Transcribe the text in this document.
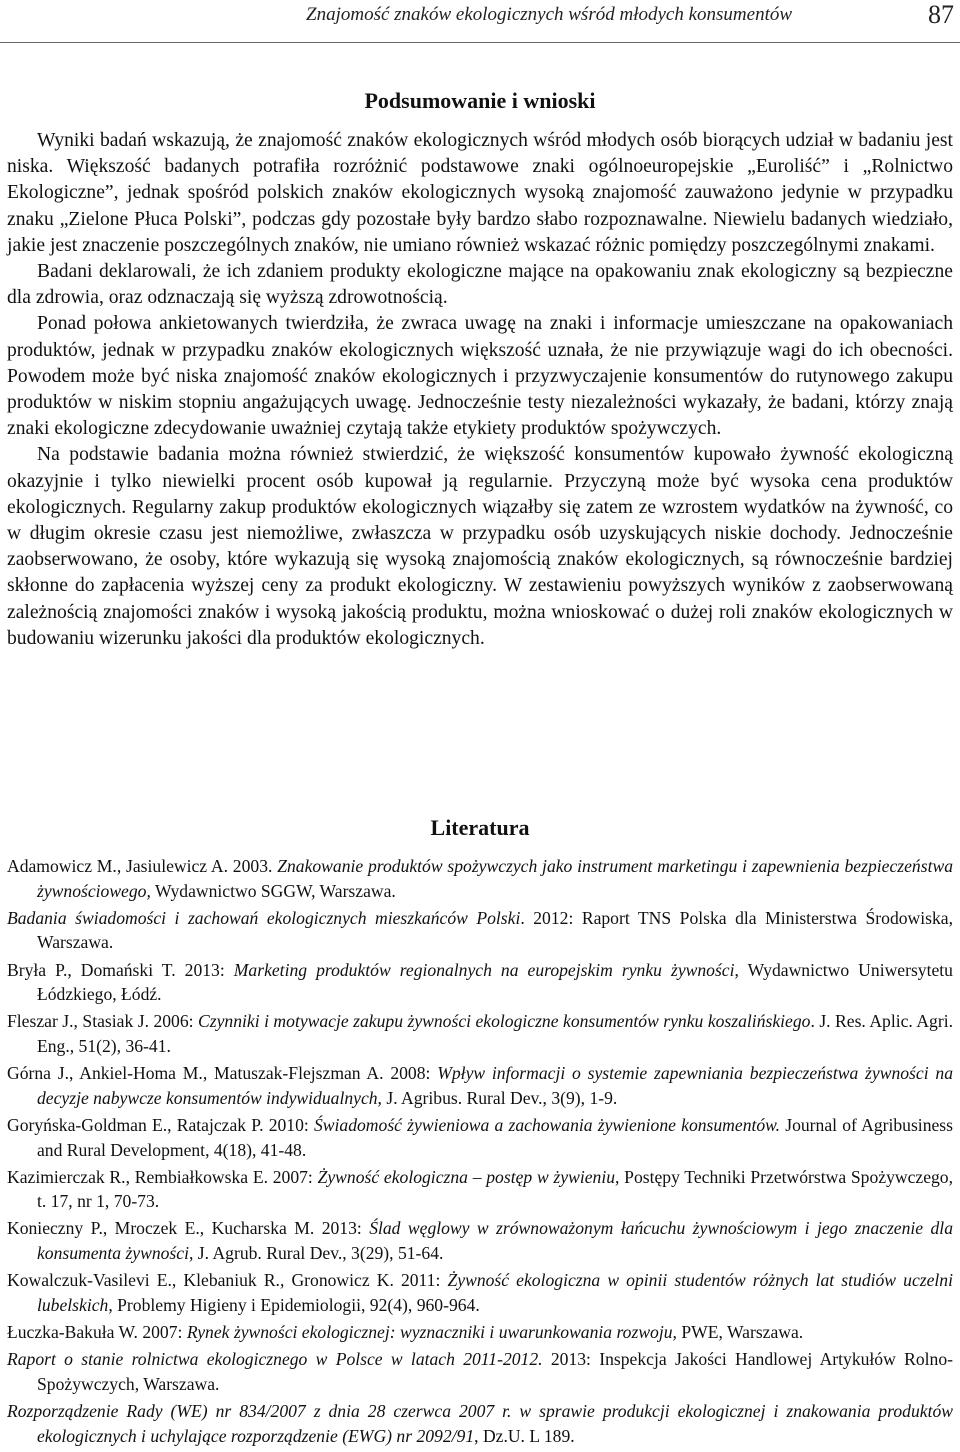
Znajomość znaków ekologicznych wśród młodych konsumentów	87
Podsumowanie i wnioski

Wyniki badań wskazują, że znajomość znaków ekologicznych wśród młodych osób biorących udział w badaniu jest niska. Większość badanych potrafiła rozróżnić podstawowe znaki ogólnoeuropejskie „Euroliść” i „Rolnictwo Ekologiczne”, jednak spośród polskich znaków ekologicznych wysoką znajomość zauważono jedynie w przypadku znaku „Zielone Płuca Polski”, podczas gdy pozostałe były bardzo słabo rozpoznawalne. Niewielu badanych wiedziało, jakie jest znaczenie poszczególnych znaków, nie umiano również wskazać różnic pomiędzy poszczególnymi znakami.

Badani deklarowali, że ich zdaniem produkty ekologiczne mające na opakowaniu znak ekologiczny są bezpieczne dla zdrowia, oraz odznaczają się wyższą zdrowotnością.

Ponad połowa ankietowanych twierdziła, że zwraca uwagę na znaki i informacje umieszczane na opakowaniach produktów, jednak w przypadku znaków ekologicznych większość uznała, że nie przywiązuje wagi do ich obecności. Powodem może być niska znajomość znaków ekologicznych i przyzwyczajenie konsumentów do rutynowego zakupu produktów w niskim stopniu angażujących uwagę. Jednocześnie testy niezależności wykazały, że badani, którzy znają znaki ekologiczne zdecydowanie uważniej czytają także etykiety produktów spożywczych.

Na podstawie badania można również stwierdzić, że większość konsumentów kupowało żywność ekologiczną okazyjnie i tylko niewielki procent osób kupował ją regularnie. Przyczyną może być wysoka cena produktów ekologicznych. Regularny zakup produktów ekologicznych wiązałby się zatem ze wzrostem wydatków na żywność, co w długim okresie czasu jest niemożliwe, zwłaszcza w przypadku osób uzyskujących niskie dochody. Jednocześnie zaobserwowano, że osoby, które wykazują się wysoką znajomością znaków ekologicznych, są równocześnie bardziej skłonne do zapłacenia wyższej ceny za produkt ekologiczny. W zestawieniu powyższych wyników z zaobserwowaną zależnością znajomości znaków i wysoką jakością produktu, można wnioskować o dużej roli znaków ekologicznych w budowaniu wizerunku jakości dla produktów ekologicznych.

Literatura
Adamowicz M., Jasiulewicz A. 2003. Znakowanie produktów spożywczych jako instrument marketingu i zapewnienia bezpieczeństwa żywnościowego, Wydawnictwo SGGW, Warszawa.
Badania świadomości i zachowań ekologicznych mieszkańców Polski. 2012: Raport TNS Polska dla Ministerstwa Środowiska, Warszawa.
Bryła P., Domański T. 2013: Marketing produktów regionalnych na europejskim rynku żywności, Wydawnictwo Uniwersytetu Łódzkiego, Łódź.
Fleszar J., Stasiak J. 2006: Czynniki i motywacje zakupu żywności ekologiczne konsumentów rynku koszalińskiego. J. Res. Aplic. Agri. Eng., 51(2), 36-41.
Górna J., Ankiel-Homa M., Matuszak-Flejszman A. 2008: Wpływ informacji o systemie zapewniania bezpieczeństwa żywności na decyzje nabywcze konsumentów indywidualnych, J. Agribus. Rural Dev., 3(9), 1-9.
Goryńska-Goldman E., Ratajczak P. 2010: Świadomość żywieniowa a zachowania żywienione konsumentów. Journal of Agribusiness and Rural Development, 4(18), 41-48.
Kazimierczak R., Rembiałkowska E. 2007: Żywność ekologiczna – postęp w żywieniu, Postępy Techniki Przetwórstwa Spożywczego, t. 17, nr 1, 70-73.
Konieczny P., Mroczek E., Kucharska M. 2013: Ślad węglowy w zrównoważonym łańcuchu żywnościowym i jego znaczenie dla konsumenta żywności, J. Agrub. Rural Dev., 3(29), 51-64.
Kowalczuk-Vasilevi E., Klebaniuk R., Gronowicz K. 2011: Żywność ekologiczna w opinii studentów różnych lat studiów uczelni lubelskich, Problemy Higieny i Epidemiologii, 92(4), 960-964.
Łuczka-Bakuła W. 2007: Rynek żywności ekologicznej: wyznaczniki i uwarunkowania rozwoju, PWE, Warszawa.
Raport o stanie rolnictwa ekologicznego w Polsce w latach 2011-2012. 2013: Inspekcja Jakości Handlowej Artykułów Rolno-Spożywczych, Warszawa.
Rozporządzenie Rady (WE) nr 834/2007 z dnia 28 czerwca 2007 r. w sprawie produkcji ekologicznej i znakowania produktów ekologicznych i uchylające rozporządzenie (EWG) nr 2092/91, Dz.U. L 189.
